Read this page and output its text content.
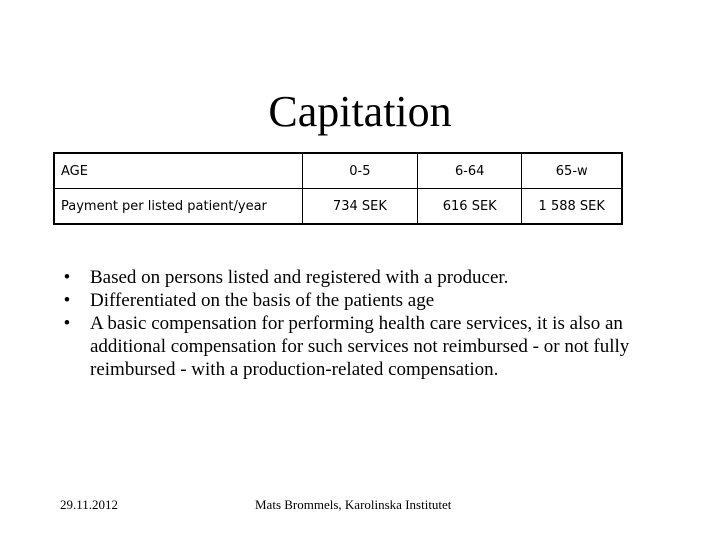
Capitation
AGE	0-5	6-64	65-w
Payment per listed patient/year	734 SEK	616 SEK	1 588 SEK
• Based on persons listed and registered with a producer.
• Differentiated on the basis of the patients age
• A basic compensation for performing health care services, it is also an additional compensation for such services not reimbursed - or not fully reimbursed - with a production-related compensation.
29.11.2012	Mats Brommels, Karolinska Institutet
